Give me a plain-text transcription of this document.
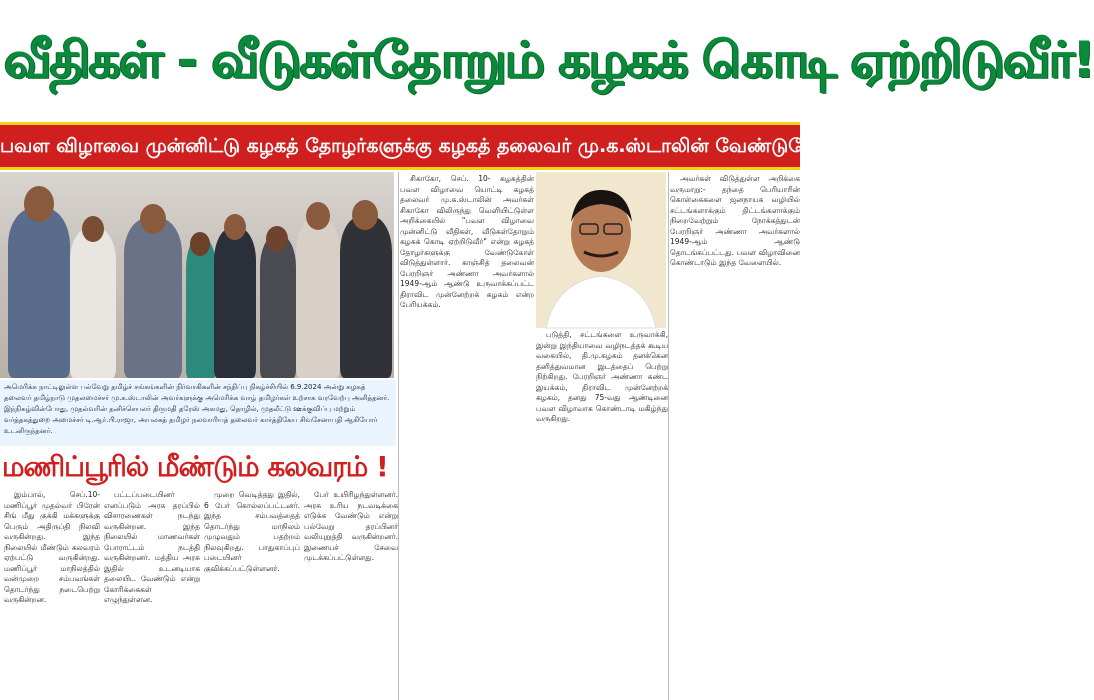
வீதிகள் - வீடுகள்தோறும் கழகக் கொடி ஏற்றிடுவீர்!
பவள விழாவை முன்னிட்டு கழகத் தோழர்களுக்கு கழகத் தலைவர் மு.க.ஸ்டாலின் வேண்டுகோள்!
அமெரிக்க நாட்டிலுள்ள பல்வேறு தமிழ்ச் சங்கங்களின் நிர்வாகிகளின் சந்திப்பு நிகழ்ச்சியில் 6.9.2024 அன்று கழகத் தலைவர் தமிழ்நாடு முதலமைச்சர் மு.க.ஸ்டாலின் அவர்களுக்கு அமெரிக்க வாழ் தமிழர்கள் உற்சாக வரவேற்பு அளித்தனர். இந்நிகழ்வின்போது, முதல்வரின் தனிச்செயலர் திருமதி தரேஸ் அகமது, தொழில், முதலீட்டு ஊக்குவிப்பு மற்றும் வர்த்தகத்துறை அமைச்சர் டி.ஆர்.பி.ராஜா, அயலகத் தமிழர் நலவாரியத் தலைவர் கார்த்திகேய சிவசேனாபதி ஆகியோர் உடனிருந்தனர்.
மணிப்பூரில் மீண்டும் கலவரம் !

இம்பால், செப்.10- மணிப்பூர் முதல்வர் பிரேன் சிங் மீது குக்கி மக்களுக்கு பெரும் அதிருப்தி நிலவி வருகின்றது. இந்த நிலையில் மீண்டும் கலவரம் ஏற்பட்டு வருகின்றது. மணிப்பூர் மாநிலத்தில் வன்முறை சம்பவங்கள் தொடர்ந்து நடைபெற்று வருகின்றன.

பட்டப்படையினர் எனப்படும் அரசு தரப்பில் விசாரணைகள் நடந்து வருகின்றன. இந்த நிலையில் மாணவர்கள் போராட்டம் நடத்தி வருகின்றனர். மத்திய அரசு இதில் உடனடியாக தலையிட வேண்டும் என்று கோரிக்கைகள் எழுந்துள்ளன.

முறை வெடித்தது இதில், 6 பேர் கொல்லப்பட்டனர். இந்த சம்பவத்தைத் தொடர்ந்து மாநிலம் முழுவதும் பதற்றம் நிலவுகிறது. பாதுகாப்புப் படையினர் குவிக்கப்பட்டுள்ளனர்.

பேர் உயிரிழந்துள்ளனர். அரசு உரிய நடவடிக்கை எடுக்க வேண்டும் என்று பல்வேறு தரப்பினர் வலியுறுத்தி வருகின்றனர். இணையச் சேவை முடக்கப்பட்டுள்ளது.

சிகாகோ, செப். 10- கழகத்தின் பவள விழாவை யொட்டி கழகத் தலைவர் மு.க.ஸ்டாலின் அவர்கள் சிகாகோ விலிருந்து வெளியிட்டுள்ள அறிக்கையில் "பவள விழாவை முன்னிட்டு வீதிகள், வீடுகள்தோறும் கழகக் கொடி ஏற்றிடுவீர்" என்று கழகத் தோழர்களுக்கு வேண்டுகோள் விடுத்துள்ளார். காஞ்சித் தலைவன் பேரறிஞர் அண்ணா அவர்களால் 1949-ஆம் ஆண்டு உருவாக்கப்பட்ட திராவிட முன்னேற்றக் கழகம் என்ற பேரியக்கம்.

படுத்தி, சட்டங்களை உருவாக்கி, இன்று இந்தியாவை வழிநடத்தக் கூடிய வகையில், தி.மு.கழகம் தனக்கென தனித்துவமான இடத்தைப் பெற்று நிற்கிறது. பேரறிஞர் அண்ணா கண்ட இயக்கம், திராவிட முன்னேற்றக் கழகம், தனது 75-வது ஆண்டினை பவள விழாவாக கொண்டாடி மகிழ்ந்து வருகிறது.

அவர்கள் விடுத்துள்ள அறிக்கை வருமாறு:- தந்தை பெரியாரின் கொள்கைகளை ஜனநாயக வழியில் சட்டங்களாக்கும் திட்டங்களாக்கும் நிறைவேற்றும் நோக்கத்துடன் பேரறிஞர் அண்ணா அவர்களால் 1949-ஆம் ஆண்டு தொடங்கப்பட்டது. பவள விழாவினை கொண்டாடும் இந்த வேளையில்.
